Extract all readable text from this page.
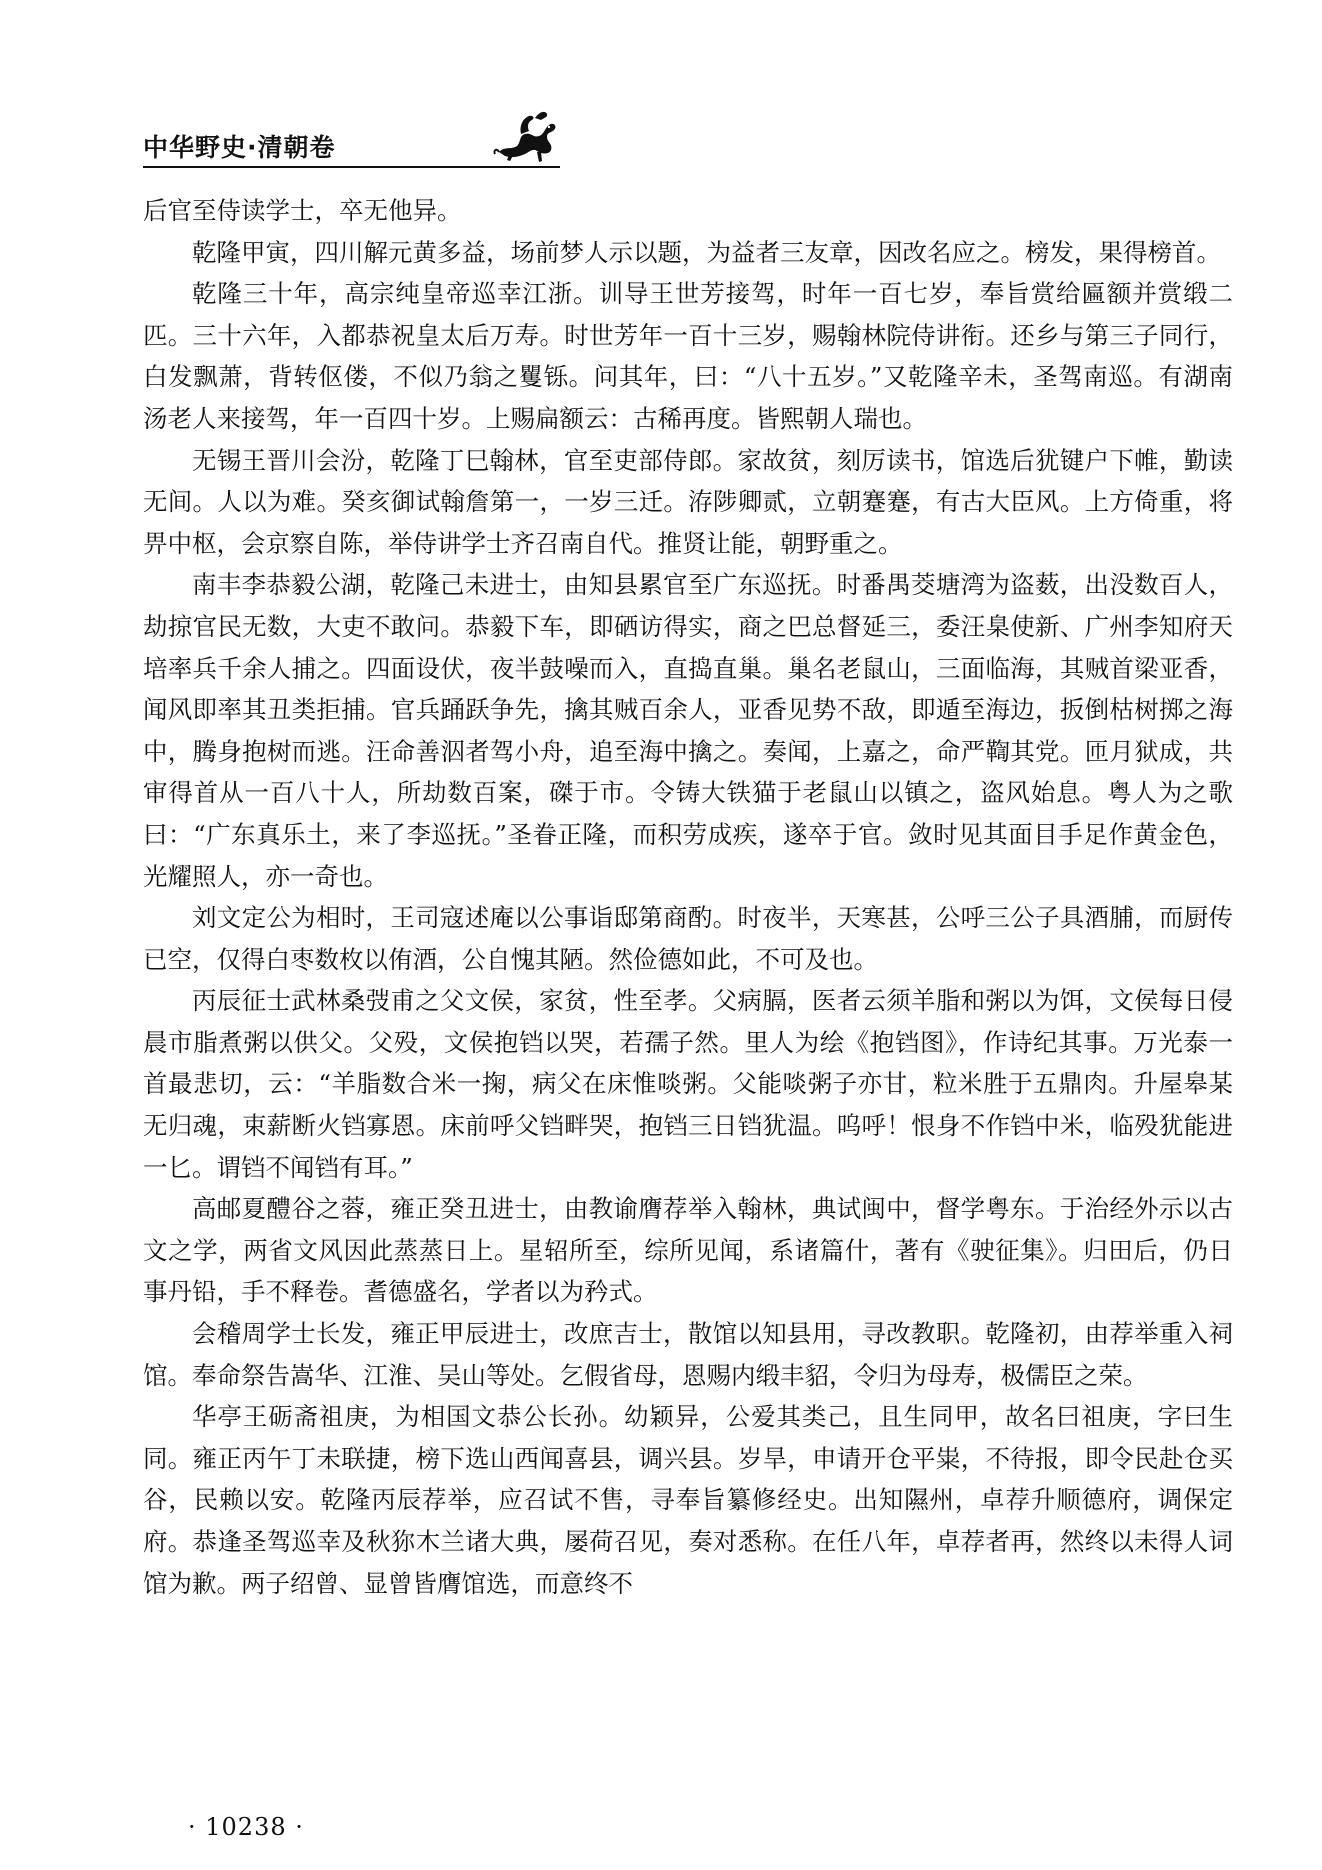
中华野史·清朝卷

后官至侍读学士，卒无他异。

乾隆甲寅，四川解元黄多益，场前梦人示以题，为益者三友章，因改名应之。榜发，果得榜首。

乾隆三十年，高宗纯皇帝巡幸江浙。训导王世芳接驾，时年一百七岁，奉旨赏给匾额并赏缎二匹。三十六年，入都恭祝皇太后万寿。时世芳年一百十三岁，赐翰林院侍讲衔。还乡与第三子同行，白发飘萧，背转伛偻，不似乃翁之矍铄。问其年，曰：“八十五岁。”又乾隆辛未，圣驾南巡。有湖南汤老人来接驾，年一百四十岁。上赐扁额云：古稀再度。皆熙朝人瑞也。

无锡王晋川会汾，乾隆丁巳翰林，官至吏部侍郎。家故贫，刻厉读书，馆选后犹键户下帷，勤读无间。人以为难。癸亥御试翰詹第一，一岁三迁。洊陟卿贰，立朝蹇蹇，有古大臣风。上方倚重，将畀中枢，会京察自陈，举侍讲学士齐召南自代。推贤让能，朝野重之。

南丰李恭毅公湖，乾隆己未进士，由知县累官至广东巡抚。时番禺茭塘湾为盗薮，出没数百人，劫掠官民无数，大吏不敢问。恭毅下车，即硒访得实，商之巴总督延三，委汪臬使新、广州李知府天培率兵千余人捕之。四面设伏，夜半鼓噪而入，直捣直巢。巢名老鼠山，三面临海，其贼首梁亚香，闻风即率其丑类拒捕。官兵踊跃争先，擒其贼百余人，亚香见势不敌，即遁至海边，扳倒枯树掷之海中，腾身抱树而逃。汪命善泅者驾小舟，追至海中擒之。奏闻，上嘉之，命严鞫其党。匝月狱成，共审得首从一百八十人，所劫数百案，磔于市。令铸大铁猫于老鼠山以镇之，盗风始息。粤人为之歌曰：“广东真乐土，来了李巡抚。”圣眷正隆，而积劳成疾，遂卒于官。敛时见其面目手足作黄金色，光耀照人，亦一奇也。

刘文定公为相时，王司寇述庵以公事诣邸第商酌。时夜半，天寒甚，公呼三公子具酒脯，而厨传已空，仅得白枣数枚以侑酒，公自愧其陋。然俭德如此，不可及也。

丙辰征士武林桑弢甫之父文侯，家贫，性至孝。父病膈，医者云须羊脂和粥以为饵，文侯每日侵晨市脂煮粥以供父。父殁，文侯抱铛以哭，若孺子然。里人为绘《抱铛图》，作诗纪其事。万光泰一首最悲切，云：“羊脂数合米一掬，病父在床惟啖粥。父能啖粥子亦甘，粒米胜于五鼎肉。升屋皋某无归魂，束薪断火铛寡恩。床前呼父铛畔哭，抱铛三日铛犹温。呜呼！恨身不作铛中米，临殁犹能进一匕。谓铛不闻铛有耳。”

高邮夏醴谷之蓉，雍正癸丑进士，由教谕膺荐举入翰林，典试闽中，督学粤东。于治经外示以古文之学，两省文风因此蒸蒸日上。星轺所至，综所见闻，系诸篇什，著有《驶征集》。归田后，仍日事丹铅，手不释卷。耆德盛名，学者以为矜式。

会稽周学士长发，雍正甲辰进士，改庶吉士，散馆以知县用，寻改教职。乾隆初，由荐举重入祠馆。奉命祭告嵩华、江淮、吴山等处。乞假省母，恩赐内缎丰貂，令归为母寿，极儒臣之荣。

华亭王砺斋祖庚，为相国文恭公长孙。幼颖异，公爱其类己，且生同甲，故名曰祖庚，字曰生同。雍正丙午丁未联捷，榜下选山西闻喜县，调兴县。岁旱，申请开仓平粜，不待报，即令民赴仓买谷，民赖以安。乾隆丙辰荐举，应召试不售，寻奉旨纂修经史。出知隰州，卓荐升顺德府，调保定府。恭逢圣驾巡幸及秋狝木兰诸大典，屡荷召见，奏对悉称。在任八年，卓荐者再，然终以未得人词馆为歉。两子绍曾、显曾皆膺馆选，而意终不

· 10238 ·
